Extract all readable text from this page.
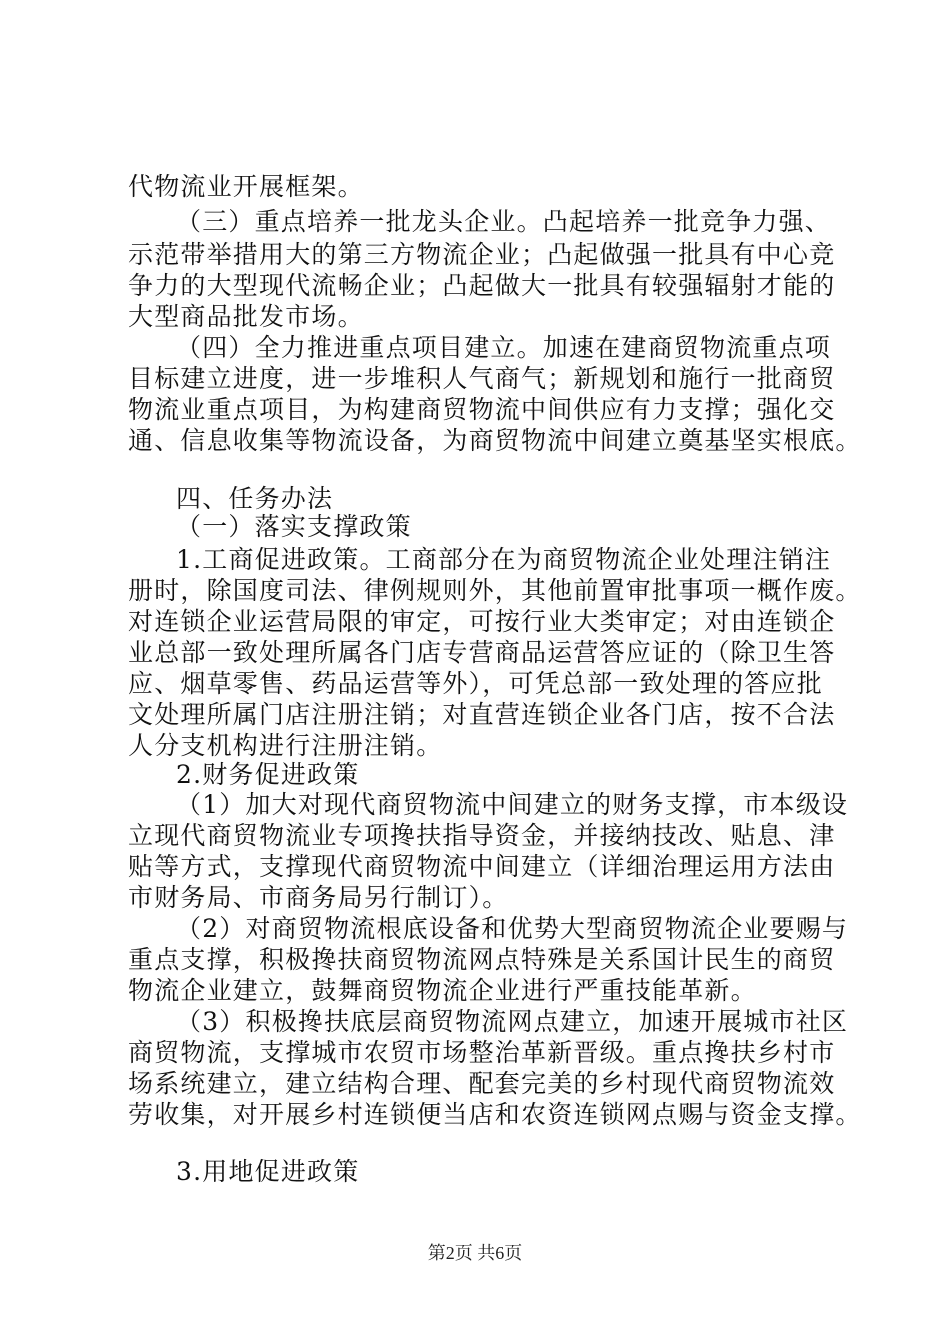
代物流业开展框架。
（三）重点培养一批龙头企业。凸起培养一批竞争力强、
示范带举措用大的第三方物流企业；凸起做强一批具有中心竞
争力的大型现代流畅企业；凸起做大一批具有较强辐射才能的
大型商品批发市场。
（四）全力推进重点项目建立。加速在建商贸物流重点项
目标建立进度，进一步堆积人气商气；新规划和施行一批商贸
物流业重点项目，为构建商贸物流中间供应有力支撑；强化交
通、信息收集等物流设备，为商贸物流中间建立奠基坚实根底。
四、任务办法
（一）落实支撑政策
1.工商促进政策。工商部分在为商贸物流企业处理注销注
册时，除国度司法、律例规则外，其他前置审批事项一概作废。
对连锁企业运营局限的审定，可按行业大类审定；对由连锁企
业总部一致处理所属各门店专营商品运营答应证的（除卫生答
应、烟草零售、药品运营等外），可凭总部一致处理的答应批
文处理所属门店注册注销；对直营连锁企业各门店，按不合法
人分支机构进行注册注销。
2.财务促进政策
（1）加大对现代商贸物流中间建立的财务支撑，市本级设
立现代商贸物流业专项搀扶指导资金，并接纳技改、贴息、津
贴等方式，支撑现代商贸物流中间建立（详细治理运用方法由
市财务局、市商务局另行制订）。
（2）对商贸物流根底设备和优势大型商贸物流企业要赐与
重点支撑，积极搀扶商贸物流网点特殊是关系国计民生的商贸
物流企业建立，鼓舞商贸物流企业进行严重技能革新。
（3）积极搀扶底层商贸物流网点建立，加速开展城市社区
商贸物流，支撑城市农贸市场整治革新晋级。重点搀扶乡村市
场系统建立，建立结构合理、配套完美的乡村现代商贸物流效
劳收集，对开展乡村连锁便当店和农资连锁网点赐与资金支撑。
3.用地促进政策
第2页 共6页
